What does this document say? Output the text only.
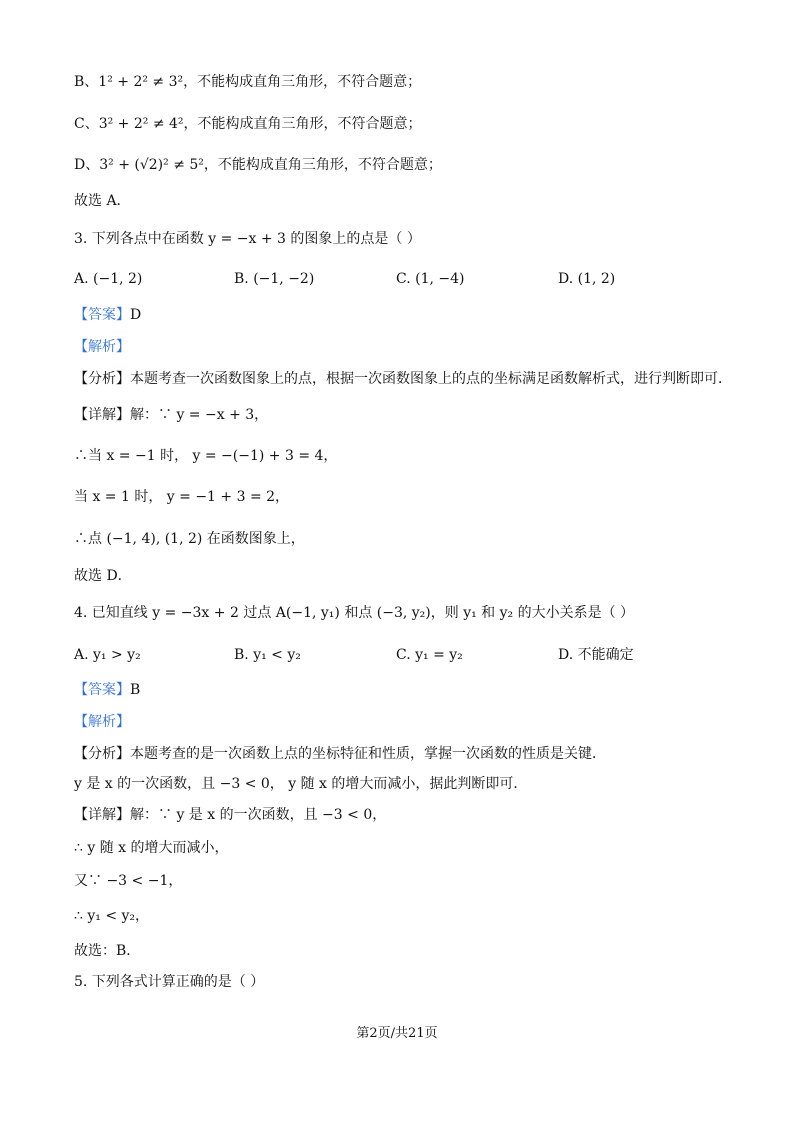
B、1² + 2² ≠ 3²，不能构成直角三角形，不符合题意；
C、3² + 2² ≠ 4²，不能构成直角三角形，不符合题意；
D、3² + (√2)² ≠ 5²，不能构成直角三角形，不符合题意；
故选 A．
3. 下列各点中在函数 y = −x + 3 的图象上的点是（ ）
A. (−1, 2)	B. (−1, −2)	C. (1, −4)	D. (1, 2)
【答案】D
【解析】
【分析】本题考查一次函数图象上的点，根据一次函数图象上的点的坐标满足函数解析式，进行判断即可．
【详解】解：∵ y = −x + 3，
∴当 x = −1 时， y = −(−1) + 3 = 4，
当 x = 1 时， y = −1 + 3 = 2，
∴点 (−1, 4), (1, 2) 在函数图象上，
故选 D．
4. 已知直线 y = −3x + 2 过点 A(−1, y₁) 和点 (−3, y₂)，则 y₁ 和 y₂ 的大小关系是（ ）
A. y₁ > y₂	B. y₁ < y₂	C. y₁ = y₂	D. 不能确定
【答案】B
【解析】
【分析】本题考查的是一次函数上点的坐标特征和性质，掌握一次函数的性质是关键．
y 是 x 的一次函数，且 −3 < 0， y 随 x 的增大而减小，据此判断即可．
【详解】解：∵ y 是 x 的一次函数，且 −3 < 0，
∴ y 随 x 的增大而减小，
又∵ −3 < −1，
∴ y₁ < y₂，
故选：B．
5. 下列各式计算正确的是（ ）
第2页/共21页
